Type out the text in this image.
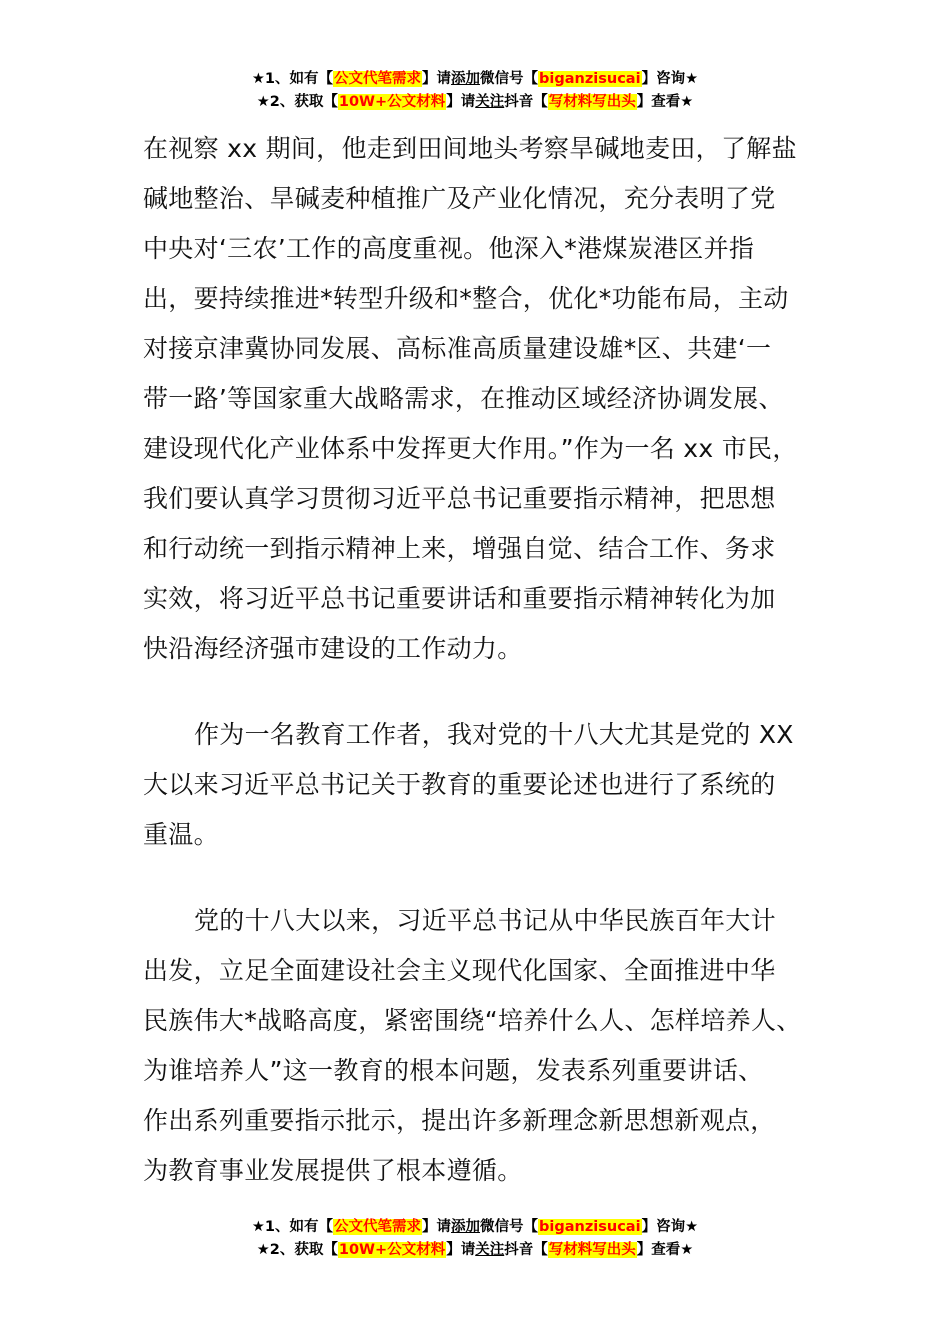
★1、如有【公文代笔需求】请添加微信号【biganzisucai】咨询★
★2、获取【10W+公文材料】请关注抖音【写材料写出头】查看★
在视察 xx 期间，他走到田间地头考察旱碱地麦田，了解盐
碱地整治、旱碱麦种植推广及产业化情况，充分表明了党
中央对‘三农’工作的高度重视。他深入*港煤炭港区并指
出，要持续推进*转型升级和*整合，优化*功能布局，主动
对接京津冀协同发展、高标准高质量建设雄*区、共建‘一
带一路’等国家重大战略需求，在推动区域经济协调发展、
建设现代化产业体系中发挥更大作用。”作为一名 xx 市民，
我们要认真学习贯彻习近平总书记重要指示精神，把思想
和行动统一到指示精神上来，增强自觉、结合工作、务求
实效，将习近平总书记重要讲话和重要指示精神转化为加
快沿海经济强市建设的工作动力。
作为一名教育工作者，我对党的十八大尤其是党的 XX
大以来习近平总书记关于教育的重要论述也进行了系统的
重温。
党的十八大以来，习近平总书记从中华民族百年大计
出发，立足全面建设社会主义现代化国家、全面推进中华
民族伟大*战略高度，紧密围绕“培养什么人、怎样培养人、
为谁培养人”这一教育的根本问题，发表系列重要讲话、
作出系列重要指示批示，提出许多新理念新思想新观点，
为教育事业发展提供了根本遵循。
★1、如有【公文代笔需求】请添加微信号【biganzisucai】咨询★
★2、获取【10W+公文材料】请关注抖音【写材料写出头】查看★
